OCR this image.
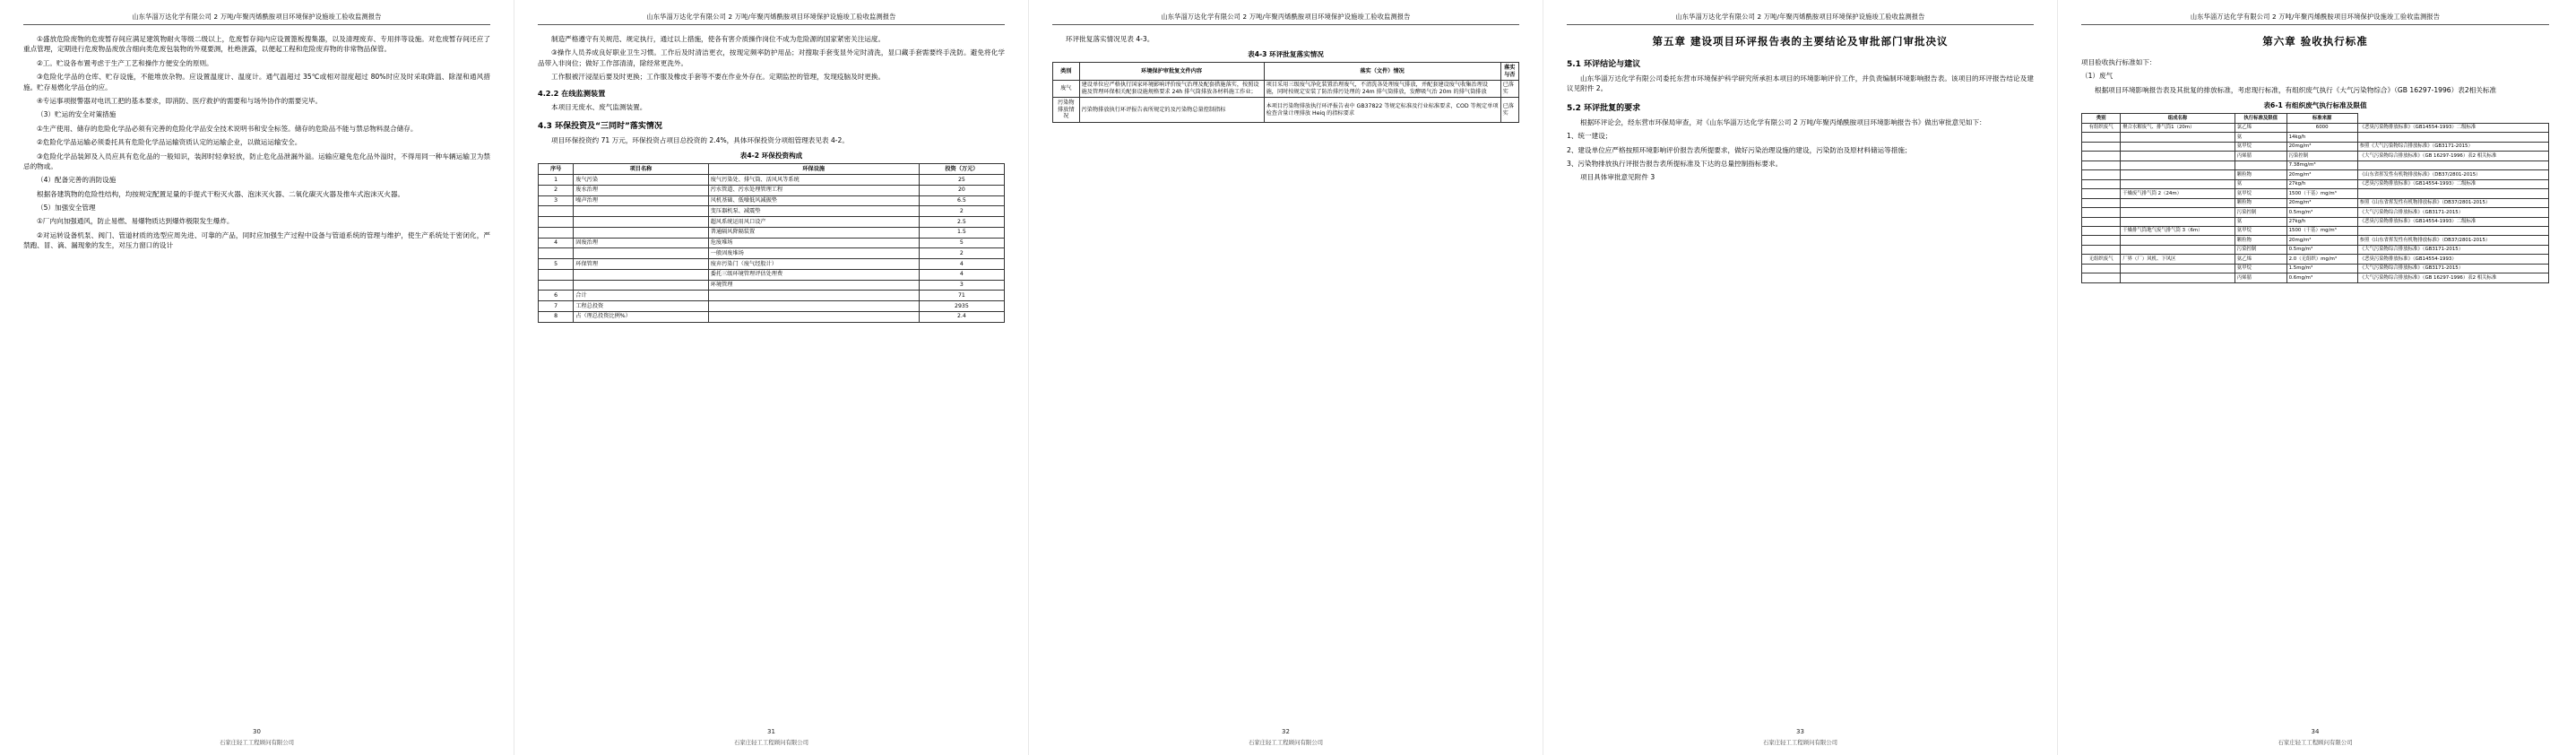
山东华淄万达化学有限公司 2 万吨/年聚丙烯酰胺项目环境保护设施竣工验收监测报告

①盛放危险废物的危废暂存间应满足建筑物耐火等级二级以上，危废暂存间内应设置篦板搜集器，以及清理废弃、专用拌等设施。对危废暂存间还应了重点管理，定期进行危废物品废放含细向类危废包装物的外观要测，杜绝泄露，以便起工程和危险废弃物的非常物品保管。

②工。贮设各布置考虑于生产工艺和操作方便安全的原则。

③危险化学品的仓库、贮存设施，不能堆放杂物。应设置温度计、温度计。通气温超过 35℃或相对湿度超过 80%时应及时采取降温、除湿和通风措施。贮存易燃化学品仓的应。

④专运事项报警器对电讯工把的基本要求，即消防、医疗救护的需要和与场外协作的需要完毕。

（3）贮运的安全对策措施

①生产使用、储存的危险化学品必须有完善的危险化学品安全技术说明书和安全标签。储存的危险品不能与禁忌物料混合储存。

②危险化学品运输必须委托具有危险化学品运输资质认定的运输企业，以做运运输安全。

③危险化学品装卸及入员应具有危化品的一般知识，装卸时轻拿轻放，防止危化品泄漏外溢。运输应避免危化品外溢时，不得用同一种车辆运输卫为禁忌的物或。

（4）配备完善的消防设施

根据各建筑物的危险性结构，均按规定配置足量的手提式干粉灭火器、泡沫灭火器、二氧化碳灭火器及推车式泡沫灭火器。

（5）加强安全管理

①厂内向加强通风，防止易燃、易爆物质达到爆炸极限发生爆炸。

②对运转设备机泵、阀门、管道材质的选型应周先进、可靠的产品，同时应加强生产过程中设备与管道系统的管理与维护，使生产系统处于密闭化，严禁跑、冒、滴、漏现象的发生，对压力窗口的设计

30
石家庄轻工工程顾问有限公司
山东华淄万达化学有限公司 2 万吨/年聚丙烯酰胺项目环境保护设施竣工验收监测报告

制造严格遵守有关规范、规定执行，通过以上措施，使各有害介质操作岗位不成为危险源的国家紧密关注运度。

③操作人员养成良好职业卫生习惯。工作后及时清洁更衣，按现定频率防护用品；对搜取手套变显外定时清洗，显口藏手套需要终手洗防。避免将化学品带入非岗位；做好工作部清清，除经常更洗外。

工作服被汗浸湿后要及时更换；工作服及橡皮手套等不要在作业外存在。定期监控的管理，发现疫脑及时更换。

4.2.2 在线监测装置

本项目无废水、废气监测装置。

4.3 环保投资及“三同时”落实情况

项目环保投资约 71 万元，环保投资占项目总投资的 2.4%，具体环保投资分项组管理表见表 4-2。

表4-2 环保投资构成
序号	项目名称	环保设施	投资（万元）
1	废气污染	废气污染处、排气筒、活风风等系统	25
2	废水治理	污水管道、污水处理管理工程	20
3	噪声治理	风机基础、低噪低风减振垫	6.5
		变压器机泵、减震垫	2
		超风系统运用风口设产	2.5
		普通隔风降隔装置	1.5
4	固废治理	危废堆场	5
		一般固废堆场	2
5	环保管理	废弃污染门（废气经股计）	4
		委托三级环境管理评估处理费	4
		环境管理	3
6	合计		71
7	工程总投资		2935
8	占（理总投资比例%）		2.4
31
石家庄轻工工程顾问有限公司
山东华淄万达化学有限公司 2 万吨/年聚丙烯酰胺项目环境保护设施竣工验收监测报告

环评批复落实情况见表 4-3。

表4-3 环评批复落实情况
类别	环境保护审批复文件内容	落实（文件）情况	落实与否
废气	建设单位应严格执行国家环境影响评价废气治理及配套措施落实，按照设施及管理环保相关配套设施规格要求 24h 排气筒排放各材料施工作业；	项目采用三级废气净化装置治理废气，不清洗各处理废气排放，并配套建设废气收集治理设施，同时按规定安装了防治排污处理的 24m 排气筒排放，发酵吸气治 20m 的排气筒排放	已落实
污染物排放情况	污染物排放执行环评报告表所规定的及污染物总量控制指标	本项目污染物排放执行环评报告表中 GB37822 等规定标准及行业标准要求，COD 等规定单项检查含量计理排放 Heiq 的指标要求	已落实
32
石家庄轻工工程顾问有限公司
山东华淄万达化学有限公司 2 万吨/年聚丙烯酰胺项目环境保护设施竣工验收监测报告
第五章 建设项目环评报告表的主要结论及审批部门审批决议
5.1 环评结论与建议

山东华淄万达化学有限公司委托东营市环境保护科学研究所承担本项目的环境影响评价工作，并负责编制环境影响报告表。该项目的环评报告结论及建议见附件 2。

5.2 环评批复的要求

根据环评论会，经东营市环保局审查，对《山东华淄万达化学有限公司 2 万吨/年聚丙烯酰胺项目环境影响报告书》做出审批意见如下：

1、统一建设；

2、建设单位应严格按照环境影响评价报告表所提要求，做好污染治理设施的建设，污染防治及原材料储运等措施；

3、污染物排放执行评报告报告表所提标准及下达的总量控制指标要求。

项目具体审批意见附件 3

33
石家庄轻工工程顾问有限公司
山东华淄万达化学有限公司 2 万吨/年聚丙烯酰胺项目环境保护设施竣工验收监测报告
第六章 验收执行标准

项目验收执行标准如下：

（1）废气

根据项目环境影响报告表及其批复的排放标准，考虑现行标准，有组织废气执行《大气污染物综合》（GB 16297-1996）表2相关标准

表6-1 有组织废气执行标准及限值
类别	组成名称	执行标准及限值	标准来源	
有组织废气	聚合水解废气、排气筒1（20m）	氯乙烯	6000	《恶臭污染物排放标准》（GB14554-1993）二级标准
		氨	14kg/h	
		氨甲烷	20mg/m³	参照《大气污染物综合排放标准》（GB3171-2015）
		丙烯腈	污染控制	《大气污染物综合排放标准》（GB 16297-1996）表2 相关标准
			7.38mg/m³	
		颗粒物	20mg/m³	《山东省挥发性有机物排放标准》（DB37/2801-2015）
		氨	27kg/h	《恶臭污染物排放标准》（GB14554-1993）二级标准
	干燥废气排气筒 2（24m）	氨甲烷	1500（干基）mg/m³	
		颗粒物	20mg/m³	参照《山东省挥发性有机物排放标准》（DB37/2801-2015）
		污染控制	0.5mg/m³	《大气污染物综合排放标准》（GB3171-2015）
		氨	27kg/h	《恶臭污染物排放标准》（GB14554-1993）二级标准
	干燥排气筒地气废气排气筒 3（6m）	氨甲烷	1500（干基）mg/m³	
		颗粒物	20mg/m³	参照《山东省挥发性有机物排放标准》（DB37/2801-2015）
		污染控制	0.5mg/m³	《大气污染物综合排放标准》（GB3171-2015）
无组织废气	厂界（厂）风机、下风区	氨乙烯	2.0（无组织）mg/m³	《恶臭污染物排放标准》（GB14554-1993）
		氨甲烷	1.5mg/m³	《大气污染物综合排放标准》（GB3171-2015）
		丙烯腈	0.6mg/m³	《大气污染物综合排放标准》（GB 16297-1996）表2 相关标准
34
石家庄轻工工程顾问有限公司
